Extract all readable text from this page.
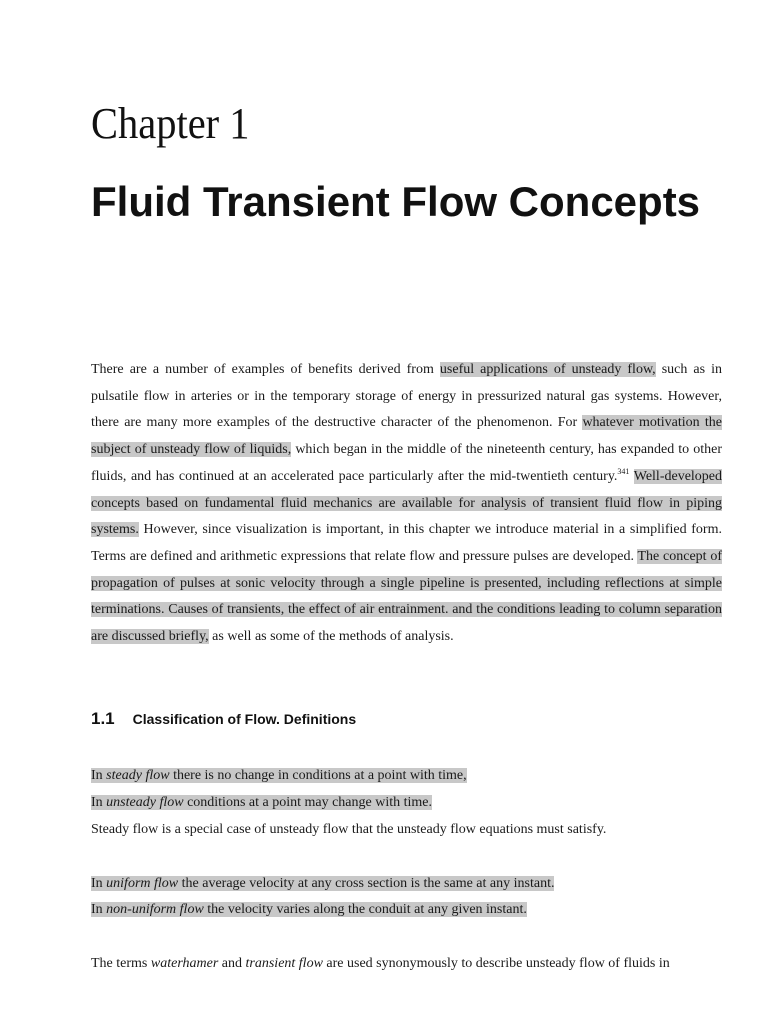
Chapter 1
Fluid Transient Flow Concepts

There are a number of examples of benefits derived from useful applications of unsteady flow, such as in pulsatile flow in arteries or in the temporary storage of energy in pressurized natural gas systems. However, there are many more examples of the destructive character of the phenomenon. For whatever motivation the subject of unsteady flow of liquids, which began in the middle of the nineteenth century, has expanded to other fluids, and has continued at an accelerated pace particularly after the mid-twentieth century.$^{341}$ Well-developed concepts based on fundamental fluid mechanics are available for analysis of transient fluid flow in piping systems. However, since visualization is important, in this chapter we introduce material in a simplified form. Terms are defined and arithmetic expressions that relate flow and pressure pulses are developed. The concept of propagation of pulses at sonic velocity through a single pipeline is presented, including reflections at simple terminations. Causes of transients, the effect of air entrainment. and the conditions leading to column separation are discussed briefly, as well as some of the methods of analysis.

1.1 Classification of Flow. Definitions

In steady flow there is no change in conditions at a point with time,

In unsteady flow conditions at a point may change with time.

Steady flow is a special case of unsteady flow that the unsteady flow equations must satisfy.

In uniform flow the average velocity at any cross section is the same at any instant.

In non-uniform flow the velocity varies along the conduit at any given instant.

The terms waterhamer and transient flow are used synonymously to describe unsteady flow of fluids in
